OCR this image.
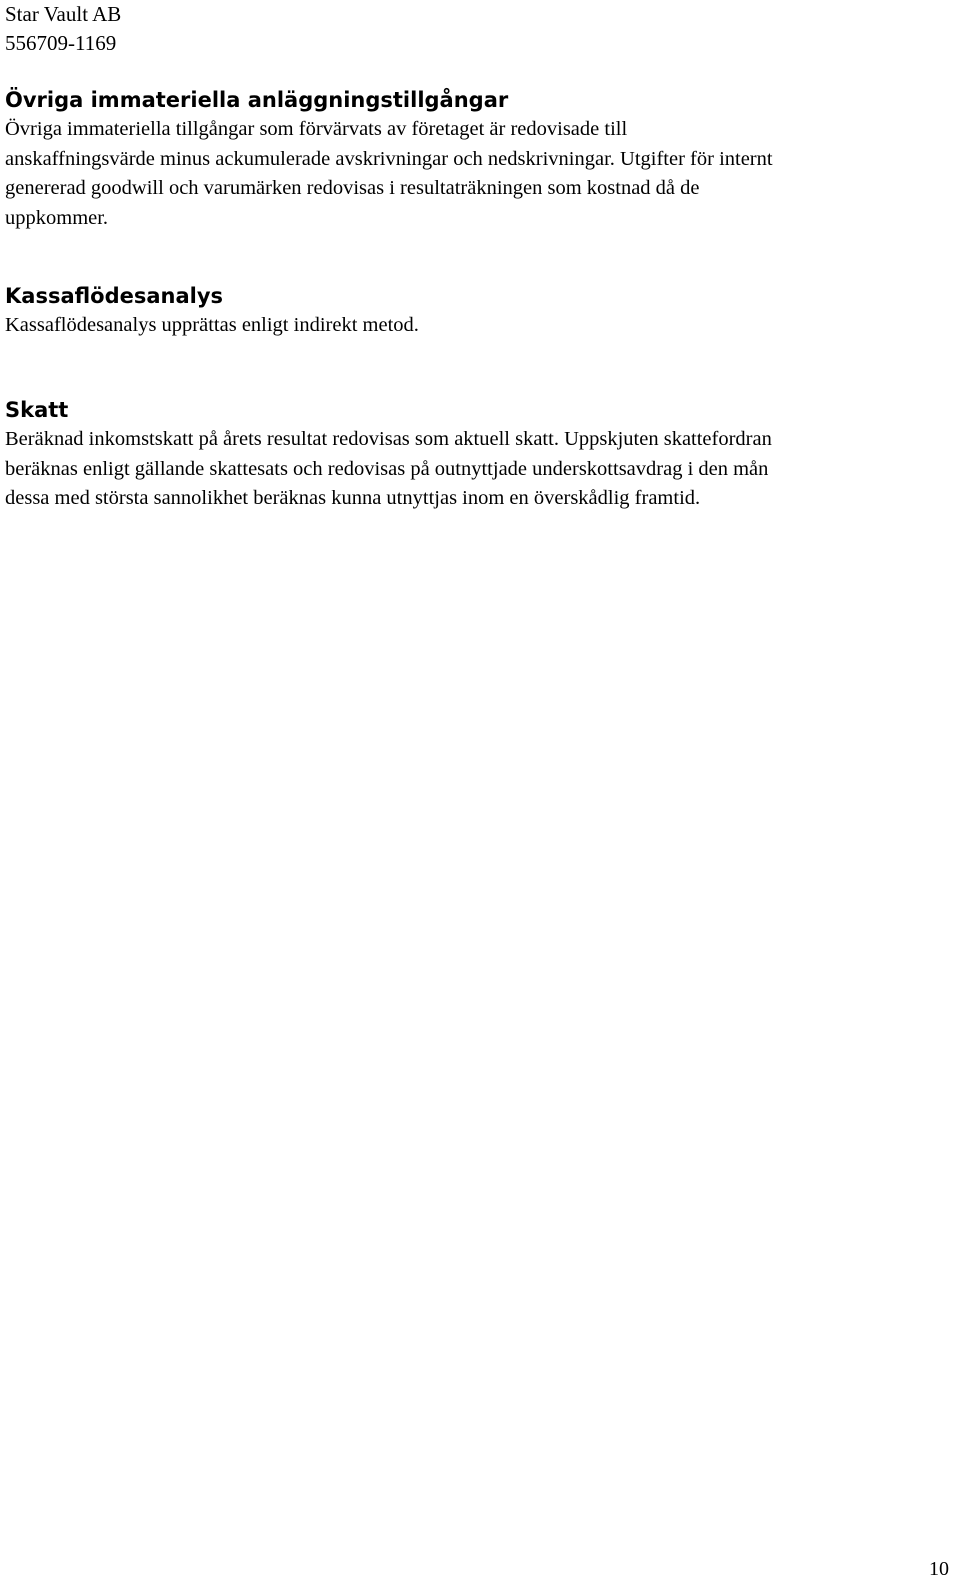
Star Vault AB
556709-1169
Övriga immateriella anläggningstillgångar

Övriga immateriella tillgångar som förvärvats av företaget är redovisade till
anskaffningsvärde minus ackumulerade avskrivningar och nedskrivningar. Utgifter för internt
genererad goodwill och varumärken redovisas i resultaträkningen som kostnad då de
uppkommer.

Kassaflödesanalys

Kassaflödesanalys upprättas enligt indirekt metod.

Skatt

Beräknad inkomstskatt på årets resultat redovisas som aktuell skatt. Uppskjuten skattefordran
beräknas enligt gällande skattesats och redovisas på outnyttjade underskottsavdrag i den mån
dessa med största sannolikhet beräknas kunna utnyttjas inom en överskådlig framtid.

10
